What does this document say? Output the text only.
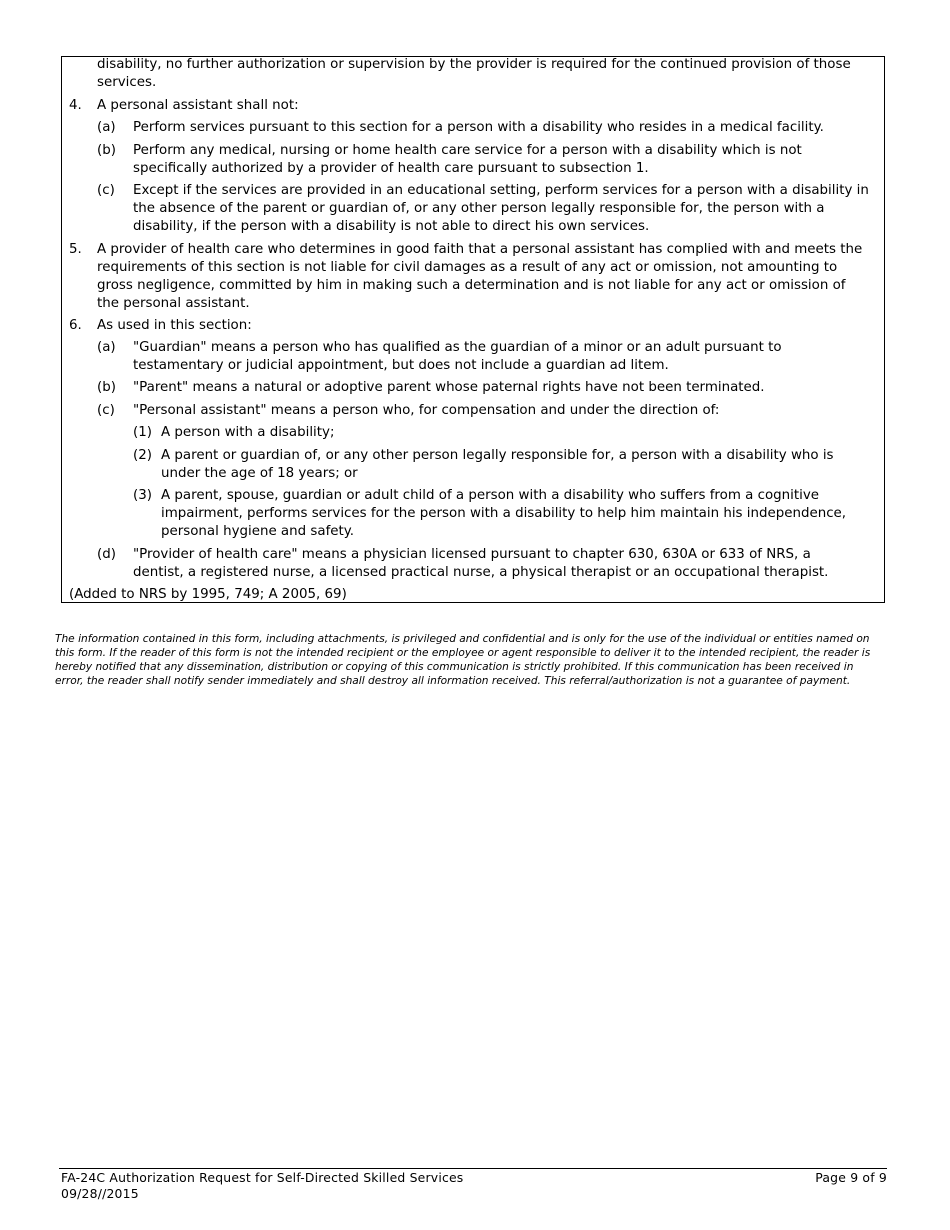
disability, no further authorization or supervision by the provider is required for the continued provision of those
services.
4. A personal assistant shall not:
(a) Perform services pursuant to this section for a person with a disability who resides in a medical facility.
(b) Perform any medical, nursing or home health care service for a person with a disability which is not
specifically authorized by a provider of health care pursuant to subsection 1.
(c) Except if the services are provided in an educational setting, perform services for a person with a disability in
the absence of the parent or guardian of, or any other person legally responsible for, the person with a
disability, if the person with a disability is not able to direct his own services.
5. A provider of health care who determines in good faith that a personal assistant has complied with and meets the
requirements of this section is not liable for civil damages as a result of any act or omission, not amounting to
gross negligence, committed by him in making such a determination and is not liable for any act or omission of
the personal assistant.
6. As used in this section:
(a) "Guardian" means a person who has qualified as the guardian of a minor or an adult pursuant to
testamentary or judicial appointment, but does not include a guardian ad litem.
(b) "Parent" means a natural or adoptive parent whose paternal rights have not been terminated.
(c) "Personal assistant" means a person who, for compensation and under the direction of:
(1) A person with a disability;
(2) A parent or guardian of, or any other person legally responsible for, a person with a disability who is
under the age of 18 years; or
(3) A parent, spouse, guardian or adult child of a person with a disability who suffers from a cognitive
impairment, performs services for the person with a disability to help him maintain his independence,
personal hygiene and safety.
(d) "Provider of health care" means a physician licensed pursuant to chapter 630, 630A or 633 of NRS, a
dentist, a registered nurse, a licensed practical nurse, a physical therapist or an occupational therapist.
(Added to NRS by 1995, 749; A 2005, 69)
The information contained in this form, including attachments, is privileged and confidential and is only for the use of the individual or entities named on
this form. If the reader of this form is not the intended recipient or the employee or agent responsible to deliver it to the intended recipient, the reader is
hereby notified that any dissemination, distribution or copying of this communication is strictly prohibited. If this communication has been received in
error, the reader shall notify sender immediately and shall destroy all information received. This referral/authorization is not a guarantee of payment.
FA-24C Authorization Request for Self-Directed Skilled Services
09/28//2015
Page 9 of 9
